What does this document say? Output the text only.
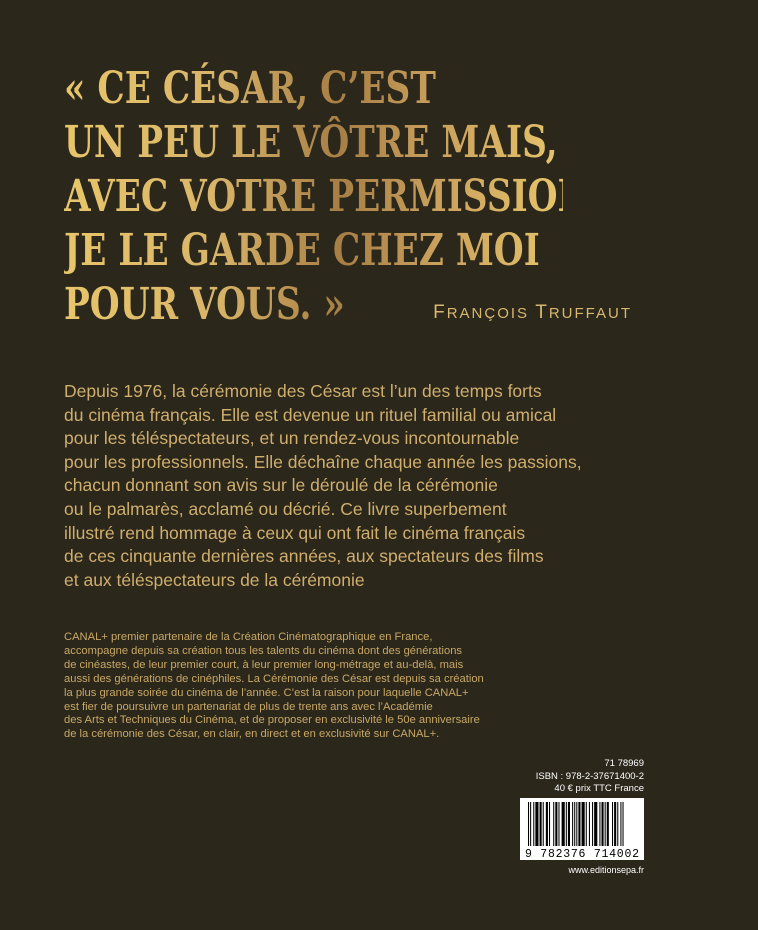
« CE CÉSAR, C’EST
UN PEU LE VÔTRE MAIS,
AVEC VOTRE PERMISSION,
JE LE GARDE CHEZ MOI
POUR VOUS. »	FRANÇOIS TRUFFAUT

Depuis 1976, la cérémonie des César est l’un des temps forts
du cinéma français. Elle est devenue un rituel familial ou amical
pour les téléspectateurs, et un rendez-vous incontournable
pour les professionnels. Elle déchaîne chaque année les passions,
chacun donnant son avis sur le déroulé de la cérémonie
ou le palmarès, acclamé ou décrié. Ce livre superbement
illustré rend hommage à ceux qui ont fait le cinéma français
de ces cinquante dernières années, aux spectateurs des films
et aux téléspectateurs de la cérémonie

CANAL+ premier partenaire de la Création Cinématographique en France,
accompagne depuis sa création tous les talents du cinéma dont des générations
de cinéastes, de leur premier court, à leur premier long-métrage et au-delà, mais
aussi des générations de cinéphiles. La Cérémonie des César est depuis sa création
la plus grande soirée du cinéma de l’année. C’est la raison pour laquelle CANAL+
est fier de poursuivre un partenariat de plus de trente ans avec l’Académie
des Arts et Techniques du Cinéma, et de proposer en exclusivité le 50e anniversaire
de la cérémonie des César, en clair, en direct et en exclusivité sur CANAL+.

71 78969
ISBN : 978-2-37671400-2
40 € prix TTC France
9 782376 714002
www.editionsepa.fr
